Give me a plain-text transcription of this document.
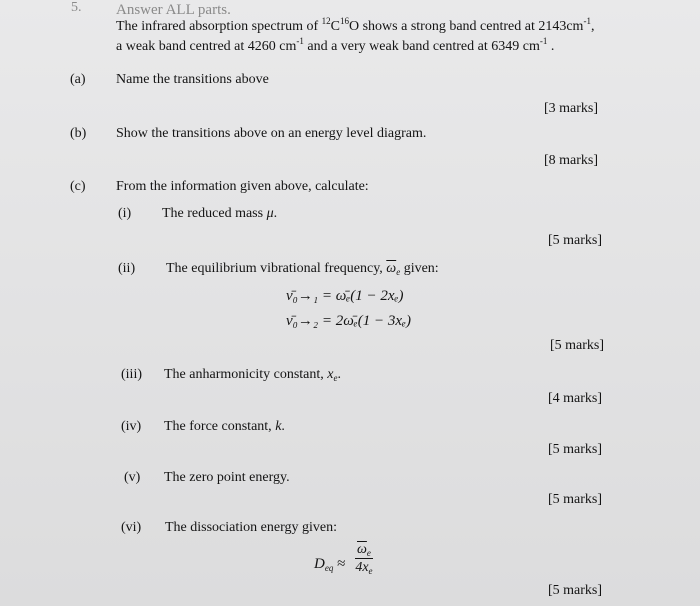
5. Answer ALL parts.
The infrared absorption spectrum of $^{12}C^{16}O$ shows a strong band centred at $2143cm^{-1}$,
a weak band centred at 4260 $cm^{-1}$ and a very weak band centred at 6349 $cm^{-1}$ .
(a) Name the transitions above
[3 marks]
(b) Show the transitions above on an energy level diagram.
[8 marks]
(c) From the information given above, calculate:
(i) The reduced mass μ.
[5 marks]
(ii) The equilibrium vibrational frequency, $\overline{\omega}_e$ given:
ν̄₀→₁ = ω̄ₑ(1 − 2xₑ)
ν̄₀→₂ = 2ω̄ₑ(1 − 3xₑ)
[5 marks]
(iii) The anharmonicity constant, $x_e$.
[4 marks]
(iv) The force constant, k.
[5 marks]
(v) The zero point energy.
[5 marks]
(vi) The dissociation energy given:
$D_{eq} \approx \frac{\overline{\omega}_e}{4x_e}$
[5 marks]
